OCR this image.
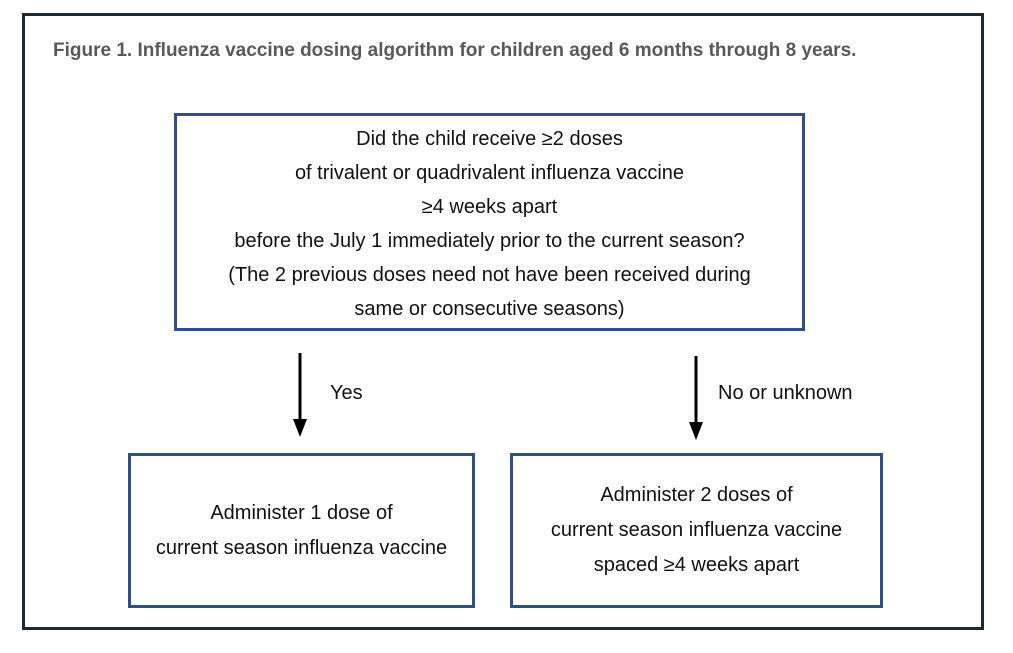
Figure 1. Influenza vaccine dosing algorithm for children aged 6 months through 8 years.
Did the child receive ≥2 doses
of trivalent or quadrivalent influenza vaccine
≥4 weeks apart
before the July 1 immediately prior to the current season?
(The 2 previous doses need not have been received during
same or consecutive seasons)
Yes	No or unknown
Administer 1 dose of
current season influenza vaccine
Administer 2 doses of
current season influenza vaccine
spaced ≥4 weeks apart
